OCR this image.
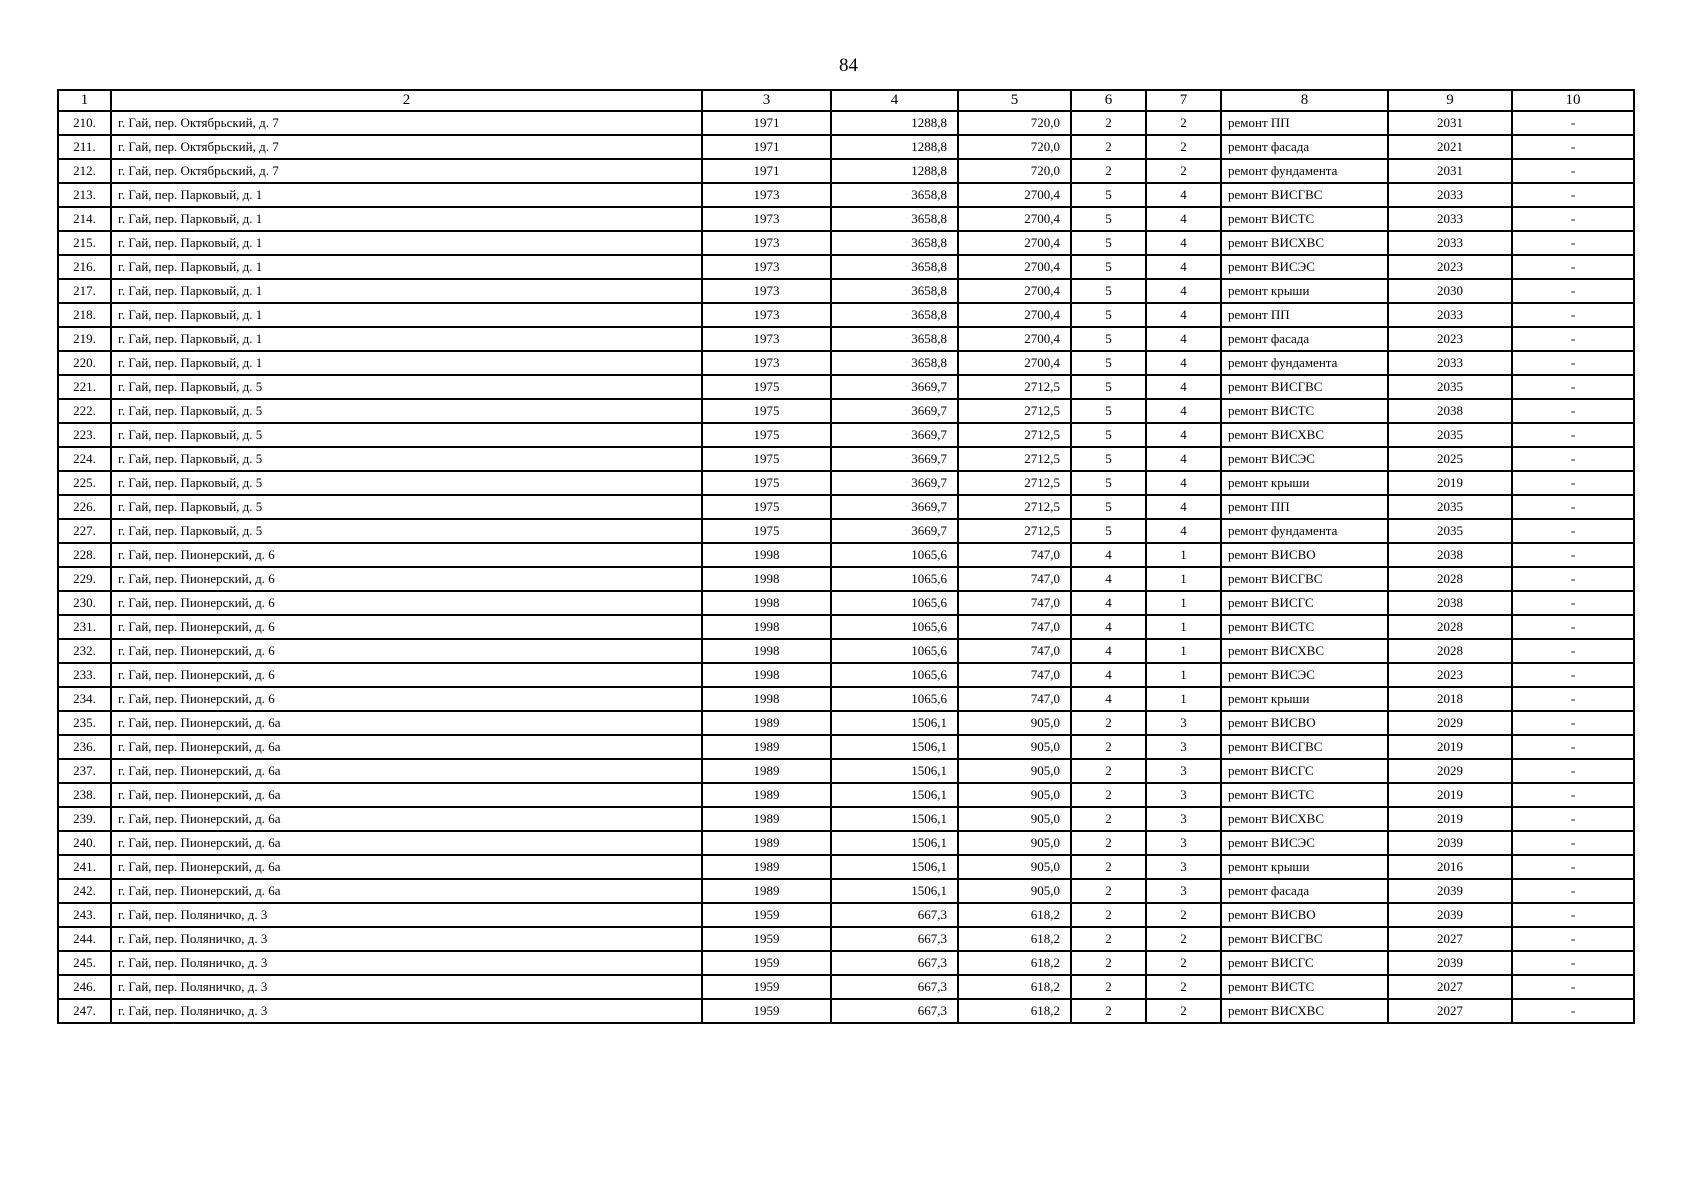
84
1	2	3	4	5	6	7	8	9	10
210.	г. Гай, пер. Октябрьский, д. 7	1971	1288,8	720,0	2	2	ремонт ПП	2031	-
211.	г. Гай, пер. Октябрьский, д. 7	1971	1288,8	720,0	2	2	ремонт фасада	2021	-
212.	г. Гай, пер. Октябрьский, д. 7	1971	1288,8	720,0	2	2	ремонт фундамента	2031	-
213.	г. Гай, пер. Парковый, д. 1	1973	3658,8	2700,4	5	4	ремонт ВИСГВС	2033	-
214.	г. Гай, пер. Парковый, д. 1	1973	3658,8	2700,4	5	4	ремонт ВИСТС	2033	-
215.	г. Гай, пер. Парковый, д. 1	1973	3658,8	2700,4	5	4	ремонт ВИСХВС	2033	-
216.	г. Гай, пер. Парковый, д. 1	1973	3658,8	2700,4	5	4	ремонт ВИСЭС	2023	-
217.	г. Гай, пер. Парковый, д. 1	1973	3658,8	2700,4	5	4	ремонт крыши	2030	-
218.	г. Гай, пер. Парковый, д. 1	1973	3658,8	2700,4	5	4	ремонт ПП	2033	-
219.	г. Гай, пер. Парковый, д. 1	1973	3658,8	2700,4	5	4	ремонт фасада	2023	-
220.	г. Гай, пер. Парковый, д. 1	1973	3658,8	2700,4	5	4	ремонт фундамента	2033	-
221.	г. Гай, пер. Парковый, д. 5	1975	3669,7	2712,5	5	4	ремонт ВИСГВС	2035	-
222.	г. Гай, пер. Парковый, д. 5	1975	3669,7	2712,5	5	4	ремонт ВИСТС	2038	-
223.	г. Гай, пер. Парковый, д. 5	1975	3669,7	2712,5	5	4	ремонт ВИСХВС	2035	-
224.	г. Гай, пер. Парковый, д. 5	1975	3669,7	2712,5	5	4	ремонт ВИСЭС	2025	-
225.	г. Гай, пер. Парковый, д. 5	1975	3669,7	2712,5	5	4	ремонт крыши	2019	-
226.	г. Гай, пер. Парковый, д. 5	1975	3669,7	2712,5	5	4	ремонт ПП	2035	-
227.	г. Гай, пер. Парковый, д. 5	1975	3669,7	2712,5	5	4	ремонт фундамента	2035	-
228.	г. Гай, пер. Пионерский, д. 6	1998	1065,6	747,0	4	1	ремонт ВИСВО	2038	-
229.	г. Гай, пер. Пионерский, д. 6	1998	1065,6	747,0	4	1	ремонт ВИСГВС	2028	-
230.	г. Гай, пер. Пионерский, д. 6	1998	1065,6	747,0	4	1	ремонт ВИСГС	2038	-
231.	г. Гай, пер. Пионерский, д. 6	1998	1065,6	747,0	4	1	ремонт ВИСТС	2028	-
232.	г. Гай, пер. Пионерский, д. 6	1998	1065,6	747,0	4	1	ремонт ВИСХВС	2028	-
233.	г. Гай, пер. Пионерский, д. 6	1998	1065,6	747,0	4	1	ремонт ВИСЭС	2023	-
234.	г. Гай, пер. Пионерский, д. 6	1998	1065,6	747,0	4	1	ремонт крыши	2018	-
235.	г. Гай, пер. Пионерский, д. 6а	1989	1506,1	905,0	2	3	ремонт ВИСВО	2029	-
236.	г. Гай, пер. Пионерский, д. 6а	1989	1506,1	905,0	2	3	ремонт ВИСГВС	2019	-
237.	г. Гай, пер. Пионерский, д. 6а	1989	1506,1	905,0	2	3	ремонт ВИСГС	2029	-
238.	г. Гай, пер. Пионерский, д. 6а	1989	1506,1	905,0	2	3	ремонт ВИСТС	2019	-
239.	г. Гай, пер. Пионерский, д. 6а	1989	1506,1	905,0	2	3	ремонт ВИСХВС	2019	-
240.	г. Гай, пер. Пионерский, д. 6а	1989	1506,1	905,0	2	3	ремонт ВИСЭС	2039	-
241.	г. Гай, пер. Пионерский, д. 6а	1989	1506,1	905,0	2	3	ремонт крыши	2016	-
242.	г. Гай, пер. Пионерский, д. 6а	1989	1506,1	905,0	2	3	ремонт фасада	2039	-
243.	г. Гай, пер. Поляничко, д. 3	1959	667,3	618,2	2	2	ремонт ВИСВО	2039	-
244.	г. Гай, пер. Поляничко, д. 3	1959	667,3	618,2	2	2	ремонт ВИСГВС	2027	-
245.	г. Гай, пер. Поляничко, д. 3	1959	667,3	618,2	2	2	ремонт ВИСГС	2039	-
246.	г. Гай, пер. Поляничко, д. 3	1959	667,3	618,2	2	2	ремонт ВИСТС	2027	-
247.	г. Гай, пер. Поляничко, д. 3	1959	667,3	618,2	2	2	ремонт ВИСХВС	2027	-
